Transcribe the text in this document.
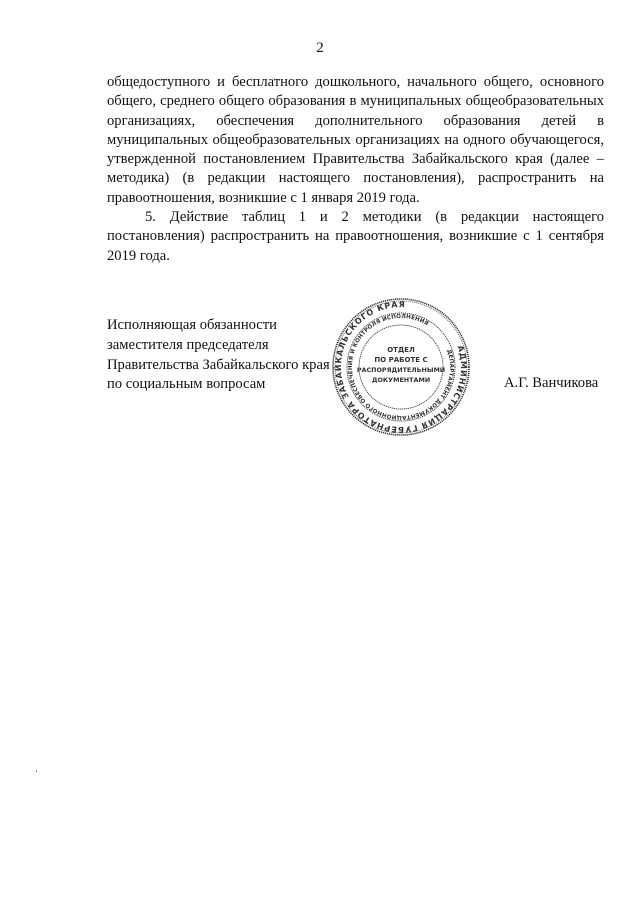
2

общедоступного и бесплатного дошкольного, начального общего, основного общего, среднего общего образования в муниципальных общеобразовательных организациях, обеспечения дополнительного образования детей в муниципальных общеобразовательных организациях на одного обучающегося, утвержденной постановлением Правительства Забайкальского края (далее – методика) (в редакции настоящего постановления), распространить на правоотношения, возникшие с 1 января 2019 года.

5. Действие таблиц 1 и 2 методики (в редакции настоящего постановления) распространить на правоотношения, возникшие с 1 сентября 2019 года.

Исполняющая обязанности
заместителя председателя
Правительства Забайкальского края
по социальным вопросам
АДМИНИСТРАЦИЯ ГУБЕРНАТОРА ЗАБАЙКАЛЬСКОГО КРАЯ
ДЕПАРТАМЕНТ ДОКУМЕНТАЦИОННОГО ОБЕСПЕЧЕНИЯ И КОНТРОЛЯ ИСПОЛНЕНИЯ
ОТДЕЛ
ПО РАБОТЕ С
РАСПОРЯДИТЕЛЬНЫМИ
ДОКУМЕНТАМИ	А.Г. Ванчикова
